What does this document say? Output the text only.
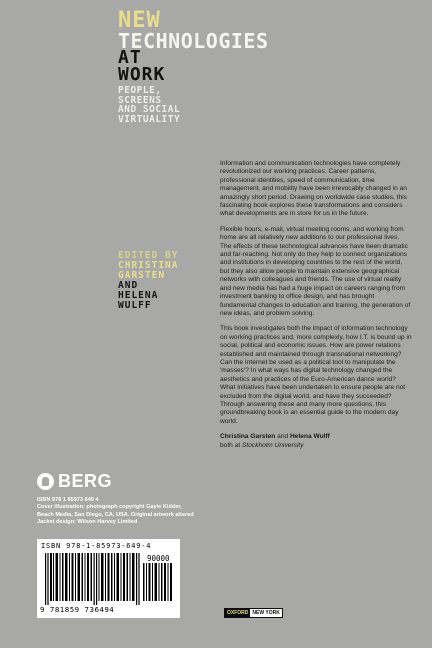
NEW
TECHNOLOGIES
AT
WORK
PEOPLE,
SCREENS
AND SOCIAL
VIRTUALITY
EDITED BY
CHRISTINA
GARSTEN
AND
HELENA
WULFF

Information and communication technologies have completely revolutionized our working practices. Career patterns, professional identities, speed of communication, time management, and mobility have been irrevocably changed in an amazingly short period. Drawing on worldwide case studies, this fascinating book explores these transformations and considers what developments are in store for us in the future.

Flexible hours, e-mail, virtual meeting rooms, and working from home are all relatively new additions to our professional lives. The effects of these technological advances have been dramatic and far-reaching. Not only do they help to connect organizations and institutions in developing countries to the rest of the world, but they also allow people to maintain extensive geographical networks with colleagues and friends. The use of virtual reality and new media has had a huge impact on careers ranging from investment banking to office design, and has brought fundamental changes to education and training, the generation of new ideas, and problem solving.

This book investigates both the impact of information technology on working practices and, more complexly, how I.T. is bound up in social, political and economic issues. How are power relations established and maintained through transnational networking? Can the Internet be used as a political tool to manipulate the 'masses'? In what ways has digital technology changed the aesthetics and practices of the Euro-American dance world? What initiatives have been undertaken to ensure people are not excluded from the digital world, and have they succeeded? Through answering these and many more questions, this groundbreaking book is an essential guide to the modern day world.

Christina Garsten and Helena Wulff
both at Stockholm University
BERG
ISBN 978 1 85973 649 4
Cover illustration: photograph copyright Gayle Kidder,
Beach Media, San Diego, CA, USA. Original artwork altered
Jacket design: Wilson Harvey Limited
ISBN 978-1-85973-649-4
90000
9 781859 736494	OXFORD NEW YORK
